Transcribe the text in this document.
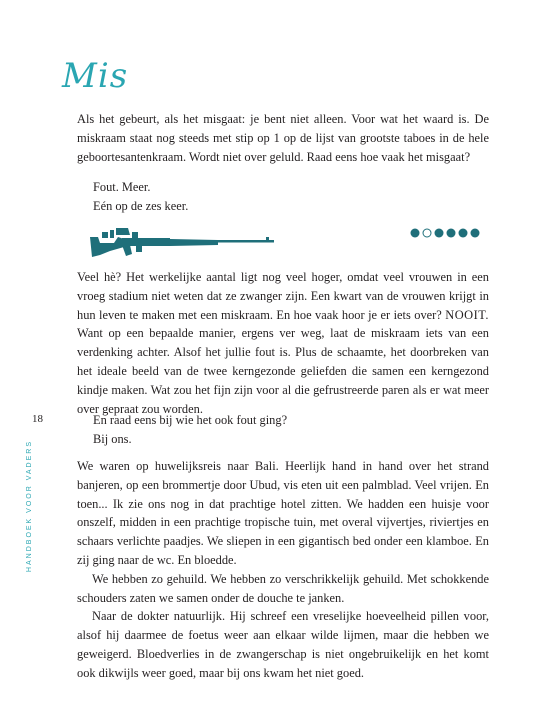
Mis

Als het gebeurt, als het misgaat: je bent niet alleen. Voor wat het waard is. De miskraam staat nog steeds met stip op 1 op de lijst van grootste taboes in de hele geboortesantenkraam. Wordt niet over geluld. Raad eens hoe vaak het misgaat?

Fout. Meer.
Eén op de zes keer.

Veel hè? Het werkelijke aantal ligt nog veel hoger, omdat veel vrouwen in een vroeg stadium niet weten dat ze zwanger zijn. Een kwart van de vrouwen krijgt in hun leven te maken met een miskraam. En hoe vaak hoor je er iets over? NOOIT. Want op een bepaalde manier, ergens ver weg, laat de miskraam iets van een verdenking achter. Alsof het jullie fout is. Plus de schaamte, het doorbreken van het ideale beeld van de twee kerngezonde geliefden die samen een kerngezond kindje maken. Wat zou het fijn zijn voor al die gefrustreerde paren als er wat meer over gepraat zou worden.

18	En raad eens bij wie het ook fout ging?
Bij ons.
HANDBOEK VOOR VADERS	We waren op huwelijksreis naar Bali. Heerlijk hand in hand over het strand banjeren, op een brommertje door Ubud, vis eten uit een palmblad. Veel vrijen. En toen... Ik zie ons nog in dat prachtige hotel zitten. We hadden een huisje voor onszelf, midden in een prachtige tropische tuin, met overal vijvertjes, riviertjes en schaars verlichte paadjes. We sliepen in een gigantisch bed onder een klamboe. En zij ging naar de wc. En bloedde.

We hebben zo gehuild. We hebben zo verschrikkelijk gehuild. Met schokkende schouders zaten we samen onder de douche te janken.

Naar de dokter natuurlijk. Hij schreef een vreselijke hoeveelheid pillen voor, alsof hij daarmee de foetus weer aan elkaar wilde lijmen, maar die hebben we geweigerd. Bloedverlies in de zwangerschap is niet ongebruikelijk en het komt ook dikwijls weer goed, maar bij ons kwam het niet goed.
